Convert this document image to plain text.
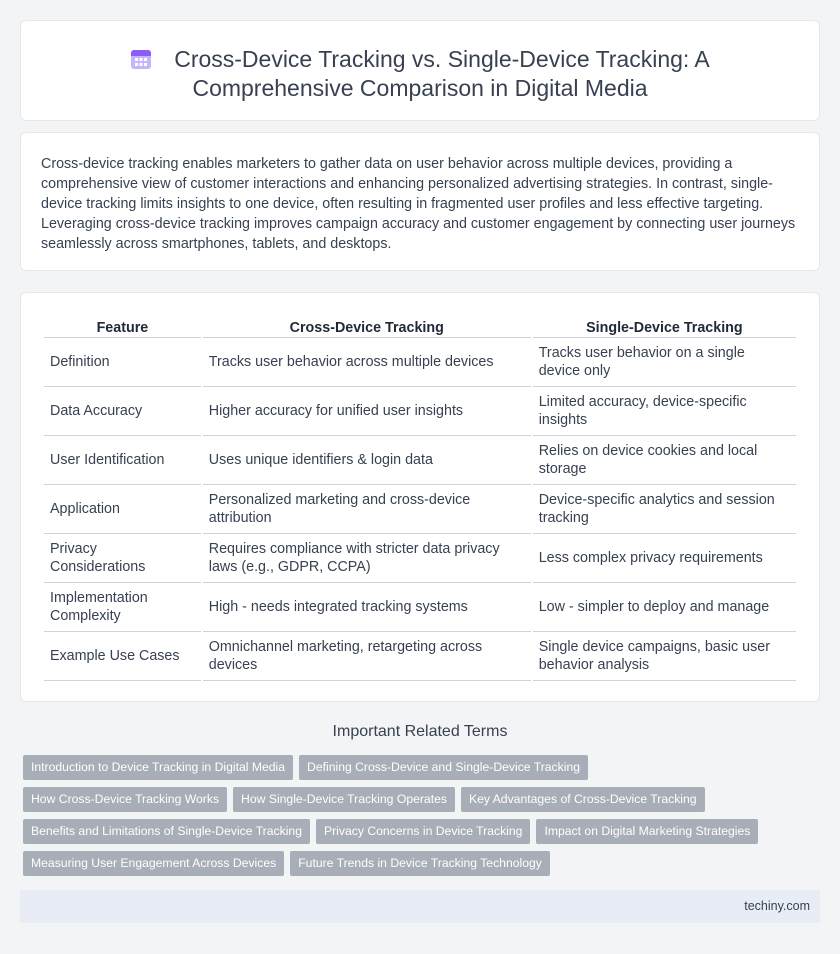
Cross-Device Tracking vs. Single-Device Tracking: A
Comprehensive Comparison in Digital Media

Cross-device tracking enables marketers to gather data on user behavior across multiple devices, providing a comprehensive view of customer interactions and enhancing personalized advertising strategies. In contrast, single-device tracking limits insights to one device, often resulting in fragmented user profiles and less effective targeting. Leveraging cross-device tracking improves campaign accuracy and customer engagement by connecting user journeys seamlessly across smartphones, tablets, and desktops.

Feature	Cross-Device Tracking	Single-Device Tracking
Definition	Tracks user behavior across multiple devices	Tracks user behavior on a single device only
Data Accuracy	Higher accuracy for unified user insights	Limited accuracy, device-specific insights
User Identification	Uses unique identifiers & login data	Relies on device cookies and local storage
Application	Personalized marketing and cross-device attribution	Device-specific analytics and session tracking
Privacy Considerations	Requires compliance with stricter data privacy laws (e.g., GDPR, CCPA)	Less complex privacy requirements
Implementation Complexity	High - needs integrated tracking systems	Low - simpler to deploy and manage
Example Use Cases	Omnichannel marketing, retargeting across devices	Single device campaigns, basic user behavior analysis
Important Related Terms
Introduction to Device Tracking in Digital Media	Defining Cross-Device and Single-Device Tracking
How Cross-Device Tracking Works	How Single-Device Tracking Operates	Key Advantages of Cross-Device Tracking
Benefits and Limitations of Single-Device Tracking	Privacy Concerns in Device Tracking	Impact on Digital Marketing Strategies
Measuring User Engagement Across Devices	Future Trends in Device Tracking Technology
techiny.com
